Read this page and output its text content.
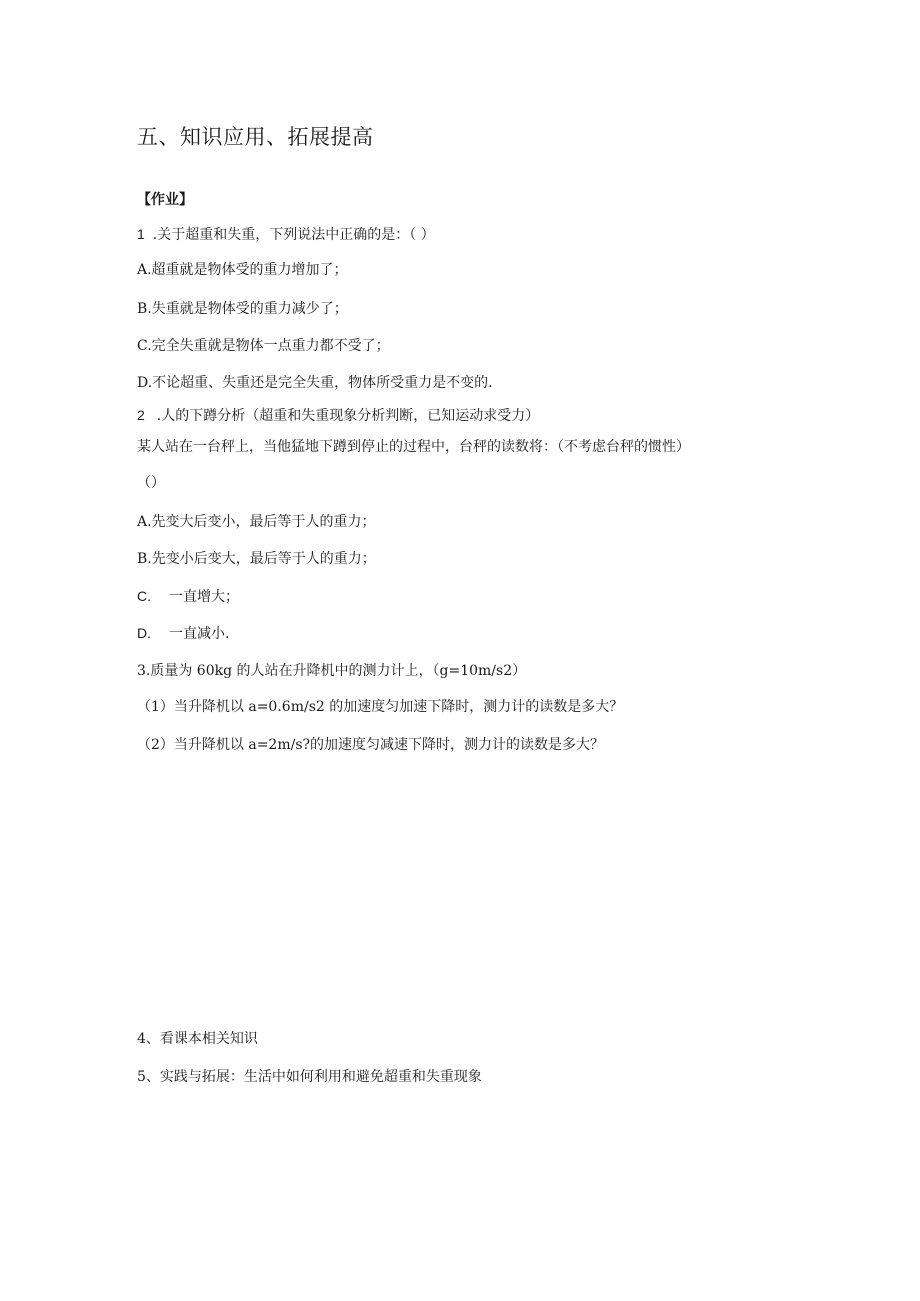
五、知识应用、拓展提高
【作业】
1 .关于超重和失重，下列说法中正确的是：（ ）
A.超重就是物体受的重力增加了；
B.失重就是物体受的重力减少了；
C.完全失重就是物体一点重力都不受了；
D.不论超重、失重还是完全失重，物体所受重力是不变的.
2 .人的下蹲分析（超重和失重现象分析判断，已知运动求受力）
某人站在一台秤上，当他猛地下蹲到停止的过程中，台秤的读数将：（不考虑台秤的惯性）
（）
A.先变大后变小，最后等于人的重力；
B.先变小后变大，最后等于人的重力；
C. 一直增大；
D. 一直减小.
3.质量为 60kg 的人站在升降机中的测力计上，（g=10m∕s2）
（1）当升降机以 a=0.6m∕s2 的加速度匀加速下降时，测力计的读数是多大？
（2）当升降机以 a=2m∕s?的加速度匀减速下降时，测力计的读数是多大？
4、看课本相关知识
5、实践与拓展：生活中如何利用和避免超重和失重现象
